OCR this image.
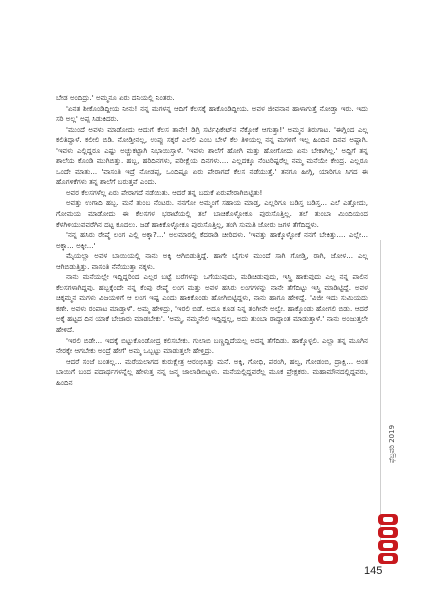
ಬೇಡ ಅಂದಿದ್ರು.' ಅಮ್ಮನೂ ಏರು ದನಿಯಲ್ಲಿ ನಿಂತರು.

'ಏನತ ಶೀಕೊಂಡಿದ್ದೀಯ ನೀನು! ನನ್ನ ಮಗಳನ್ನ ಆದಿಗೆ ಕೆಲಸಕ್ಕೆ ಹಾಕೊಂಡಿದ್ದೀಯ. ಅವಳ ಜೀವನಾನ ಹಾಳಾಗುತ್ತೆ ನೋಡ್ತಾ ಇರು. ಇದು ಸರಿ ಅಲ್ಲ' ಅಪ್ಪ ಸಿಡುಕಿದರು.

'ಮುಂದೆ ಅವಳು ಮಾಡೋದು ಆದುಗೆ ಕೆಲಸ ತಾನೇ! ಡಿಗ್ರಿ ಸರ್ಟಿಫಿಕೇಟ್‌ನ ನೆಕ್ಕೋಕೆ ಆಗುತ್ತಾ!' ಅಮ್ಮನ ತಿರುಗಾಟ. 'ಈಗ್ಲಿಂದ ಎಲ್ಲ ಕಲಿತಿದ್ದಾಳೆ. ಕಲೀಲಿ ಬಿಡಿ. ನೋಡ್ತೀನಲ್ಲ, ಉಪ್ಪು ಸಕ್ಕರೆ ಎಲೆಲಿ ಎಂಬ ಬೇಳೆ ಕೆಲ ತಿಳಿಯಲ್ಲ ನನ್ನ ಮಗಳಿಗೆ ಇಲ್ಲ ಹಿಂದಿನ ದಿನವ ಅಷ್ಟಾಗಿ. 'ಇವಳು ಎಲ್ಲಿದ್ದರೂ ಎಷ್ಟು ಅಚ್ಚುಕಟ್ಟಾಗಿ ನಿಭಾಯಿಸ್ತಾಳೆ. 'ಇವಳು ಶಾಲೆಗೆ ಹೋಗಿ ಮತ್ತು ಹೋಗೋದು ಏನು ಬೇಕಾಗಿಲ್ಲ.' ಅದ್ದಿಗೆ ತನ್ನ ಶಾಲೆಯ ಕೊಂಡಿ ಮುಗಿಬಿತ್ತು. ಹಬ್ಬ, ಹರಿದಿನಗಳು, ಪರೀಕ್ಷೆಯ ದಿನಗಳು.... ಎಲ್ಲದಕ್ಕೂ ನೆಂಟರಿಷ್ಟರೆಲ್ಲ ನಮ್ಮ ಮನೆಯೇ ಕೇಂದ್ರ. ಎಲ್ಲರೂ ಒಂದೇ ಮಾತು... 'ವಾಸಂತಿ ಇದ್ರೆ ನೋಡಪ್ಪ, ಒಂದಿಷ್ಟೂ ಏರು ಪೇರಾಗದೆ ಕೆಲಸ ನಡೆಯುತ್ತೆ.' ತನಗೂ ಹೀಗ್ಗಿ, ಯಾರಿಗೂ ಸಿಗದ ಈ ಹೊಗಳಿಕೆಗಳು ತನ್ನ ಶಾಲೆಗೆ ಬರುತ್ತವೆ ಎಂದು.

ಅವರ ಕೆಲಸಗಳೆಲ್ಲ ಏರು ಪೇರಾಗದೆ ನಡೆಯಿತು. ಆದರೆ ತನ್ನ ಬದುಕೆ ಏರುಪೇರಾಗಿಬಿಟ್ಟಿತು!

ಅವತ್ತು ಉಗಾದಿ ಹಬ್ಬ. ಮನೆ ತುಂಬ ನೆಂಟರು. ನನಗೋ ಅಮ್ಮಂಗೆ ಸಹಾಯ ಮಾಡ್ತ, ಎಲ್ಲರಿಗೂ ಬಡಿಸ್ತ ಬಡಿಸ್ತ... ಎಲೆ ಎತ್ತೋದು, ಗೋಮಯ ಮಾಡೋದು ಈ ಕೆಲಸಗಳ ಭರಾಟೆಯಲ್ಲಿ ತಲೆ ಬಾಚಿಕೊಳ್ಳೋಕೂ ಪುರುಸೊತ್ತಿಲ್ಲ. ತಲೆ ತುಂಬಾ ಮಿಂದಿಯಂದ ಕೆಳಗಿಳಿಯುವವರೆಗಿನ ದಟ್ಟ ಕೂದಲು. ಜಡೆ ಹಾಕಿಕೊಳ್ಳೋಕೂ ಪುರುಸೊತ್ತಿಲ್ಲ, ತಂಗಿ ಸುಮತಿ ಜೋರು ಜಗಳ ತೆಗೆದಿದ್ದಳು.

'ನನ್ನ ಹಸಿರು ರೇಷ್ಮೆ ಲಂಗ ಎಲ್ಲಿ ಅಕ್ಕಾ?...' ಅಲಮಾರಲ್ಲಿ ಕೆದರಾಡಿ ಚೀರಿದಳು. 'ಇವತ್ತು ಹಾಕ್ಕೊಳ್ಳೋಕೆ ನನಗೆ ಬೇಕಿತ್ತು.... ಎಲ್ಲೇ... ಅಕ್ಕಾ... ಅಕ್ಕೀ...'

ಮೈಯಲ್ಲಾ ಅವಳ ಬಾಯಿಯಲ್ಲಿ ನಾನು ಅಕ್ಕಿ ಆಗಿಬಿಡುತ್ತಿದ್ದೆ. ಹಾಗೇ ಬೈಗುಳ ಮುಂದೆ ಸಾಗಿ ಗೋಡ್ತಿ, ರಾಗಿ, ಜೋಳ... ಎಲ್ಲ ಆಗಿಬಿಡುತ್ತಿತ್ತು. ವಾಸಂತಿ ನೆನೆಯುತ್ತಾ ನಕ್ಕಳು.

ನಾನು ಮನೆಯಲ್ಲೇ ಇದ್ದಿದ್ದರಿಂದ ಎಲ್ಲರ ಬಟ್ಟೆ ಬರೆಗಳನ್ನು ಒಗೆಯುವುದು, ಮಡಿಚಿಡುವುದು, ಇಸ್ತ್ರಿ ಹಾಕುವುದು ಎಲ್ಲ ನನ್ನ ಪಾಲಿನ ಕೆಲಸಗಳಾಗಿದ್ದವು. ಹಬ್ಬಕ್ಕೆಂದೇ ನನ್ನ ಕೆಂಪು ರೇಷ್ಮೆ ಲಂಗ ಮತ್ತು ಅವಳ ಹಸಿರು ಲಂಗಗಳನ್ನು ನಾನೇ ತೆಗೆದಿಟ್ಟು ಇಸ್ತ್ರಿ ಮಾಡಿಟ್ಟಿದ್ದೆ. ಅವಳ ಚಿಕ್ಕಮ್ಮನ ಮಗಳು ವಿಜಯಳಿಗೆ ಆ ಲಂಗ ಇಷ್ಟ ಎಂದು ಹಾಕಿಕೊಂಡು ಹೋಗಿಬಿಟ್ಟಿದ್ದಳು, ನಾನು ಹಾಗೂ ಹೇಳಿದ್ದೆ. 'ವಿಜೀ ಇದು ಸುಮಿಯದು ಕಣೇ. ಅವಳು ರಂಪಾಟ ಮಾಡ್ತಾಳೆ'. ಅಮ್ಮ ಹೇಳಿದ್ರು, 'ಇರಲಿ ಬಿಡೆ. ಅದೂ ಕೂಡ ನಿನ್ನ ತಂಗೀನೇ ಅಲ್ವೇ. ಹಾಕ್ಕೊಂಡು ಹೋಗಲಿ ಬಿಡು. ಆದರೆ ಅಕ್ಕೆ ಹಟ್ಟದ ದಿನ ಯಾಕೆ ಬೇಜಾರು ಮಾಡಬೇಕು'. 'ಅಮ್ಮ, ನಮ್ಮನೇಲಿ ಇದ್ದಿದ್ದಲ್ಲ, ಅದು ತುಂಬಾ ರಾದ್ಧಾಂತ ಮಾಡುತ್ತಾಳೆ.' ನಾನು ಅಂಜುತ್ತಲೇ ಹೇಳಿದೆ.

'ಇರಲಿ ಬಿಡೇ... ಇದಕ್ಕೆ ಬಿಟ್ಟುಕೊಂಡೋದ್ರ ಕಲಿಸಬೇಕು. ಗುಲಾಬಿ ಬಣ್ಣದ್ದಿದೆಯಲ್ಲ ಅದನ್ನ ತೆಗೆದಿಡು. ಹಾಕ್ಕೊಳ್ಳಲಿ. ಎಲ್ಲಾ ತನ್ನ ಮೂಗಿನ ನೇರಕ್ಕೇ ಆಗಬೇಕು ಅಂದ್ರೆ ಹೇಗೆ' ಅಮ್ಮ ಒಬ್ಬಟ್ಟು ಮಾಡುತ್ತಲೇ ಹೇಳ್ತಿದ್ರು.

ಆದರೆ ಸಂಜೆ ಬಂತಲ್ಲ... ಮರೆಯಲಾಗದ ಕುರುಕ್ಷೇತ್ರ ಆರಂಭಿಸಿತ್ತು ಮನೆ. ಅಕ್ಕಿ, ಗೋಧಿ, ಪರಂಗಿ, ಹಲ್ವ, ಗೋಡಂಬಿ, ದ್ರಾಕ್ಷಿ... ಅಂತ ಬಾಯಿಗೆ ಬಂದ ಪದಾರ್ಥಗಳನ್ನೆಲ್ಲ ಹೇಳುತ್ತ ನನ್ನ ಜನ್ಮ ಜಾಲಾಡಿಬಿಟ್ಟಳು. ಮನೆಯಲ್ಲಿದ್ದವರೆಲ್ಲ ಮೂಕ ಪ್ರೇಕ್ಷಕರು. ಮಹಾಮೌನದಲ್ಲಿದ್ದವರು, ಹಿಂದಿನ

ಫೆಬ್ರವರಿ 2019
145
